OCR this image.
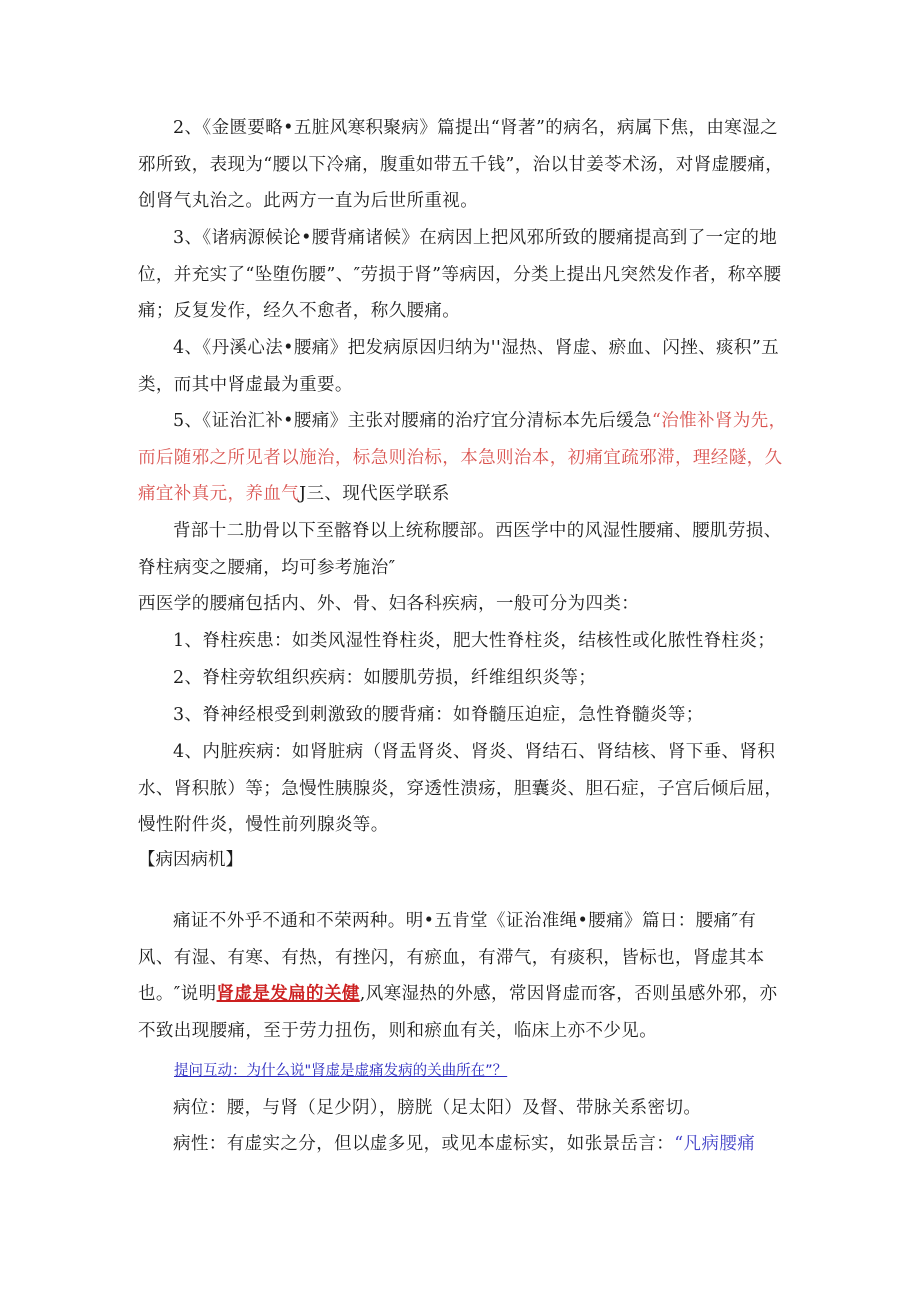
2、《金匮要略•五脏风寒积聚病》篇提出“肾著”的病名，病属下焦，由寒湿之邪所致，表现为“腰以下冷痛，腹重如带五千钱”，治以甘姜苓术汤，对肾虚腰痛，创肾气丸治之。此两方一直为后世所重视。

3、《诸病源候论•腰背痛诸候》在病因上把风邪所致的腰痛提高到了一定的地位，并充实了“坠堕伤腰”、″劳损于肾”等病因，分类上提出凡突然发作者，称卒腰痛；反复发作，经久不愈者，称久腰痛。

4、《丹溪心法•腰痛》把发病原因归纳为''湿热、肾虚、瘀血、闪挫、痰积”五类，而其中肾虚最为重要。

5、《证治汇补•腰痛》主张对腰痛的治疗宜分清标本先后缓急“治惟补肾为先，而后随邪之所见者以施治，标急则治标，本急则治本，初痛宜疏邪滞，理经隧，久痛宜补真元，养血气J三、现代医学联系

背部十二肋骨以下至髂脊以上统称腰部。西医学中的风湿性腰痛、腰肌劳损、脊柱病变之腰痛，均可参考施治″

西医学的腰痛包括内、外、骨、妇各科疾病，一般可分为四类：

1、脊柱疾患：如类风湿性脊柱炎，肥大性脊柱炎，结核性或化脓性脊柱炎；

2、脊柱旁软组织疾病：如腰肌劳损，纤维组织炎等；

3、脊神经根受到刺激致的腰背痛：如脊髓压迫症，急性脊髓炎等；

4、内脏疾病：如肾脏病（肾盂肾炎、肾炎、肾结石、肾结核、肾下垂、肾积水、肾积脓）等；急慢性胰腺炎，穿透性溃疡，胆囊炎、胆石症，子宫后倾后屈，慢性附件炎，慢性前列腺炎等。

【病因病机】

痛证不外乎不通和不荣两种。明•五肯堂《证治准绳•腰痛》篇日：腰痛″有风、有湿、有寒、有热，有挫闪，有瘀血，有滞气，有痰积，皆标也，肾虚其本也。″说明肾虚是发扁的关健,风寒湿热的外感，常因肾虚而客，否则虽感外邪，亦不致出现腰痛，至于劳力扭伤，则和瘀血有关，临床上亦不少见。

提问互动：为什么说"肾虚是虚痛发病的关曲所在”？

病位：腰，与肾（足少阴），膀胱（足太阳）及督、带脉关系密切。

病性：有虚实之分，但以虚多见，或见本虚标实，如张景岳言：“凡病腰痛
